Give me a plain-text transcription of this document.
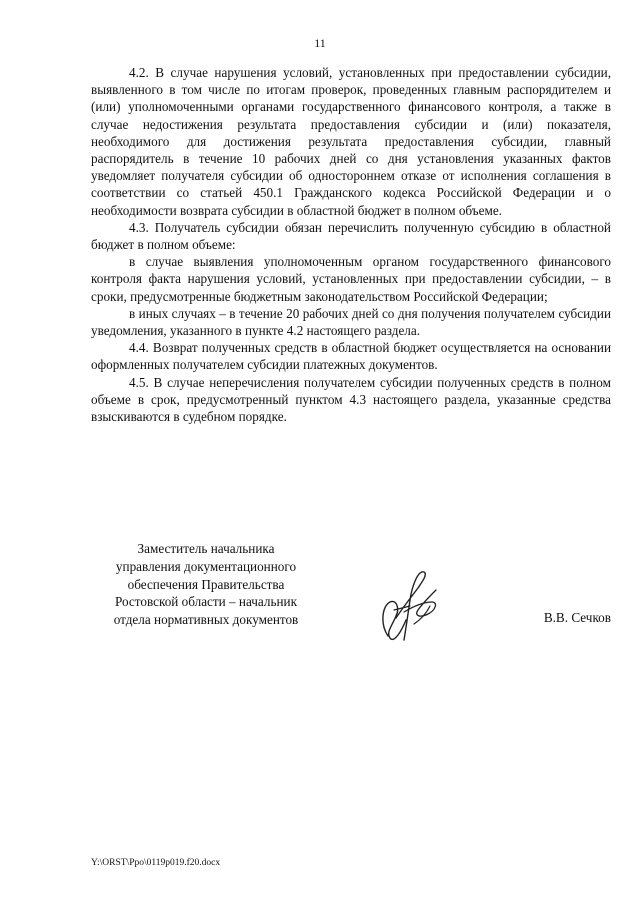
11

4.2. В случае нарушения условий, установленных при предоставлении субсидии, выявленного в том числе по итогам проверок, проведенных главным распорядителем и (или) уполномоченными органами государственного финансового контроля, а также в случае недостижения результата предоставления субсидии и (или) показателя, необходимого для достижения результата предоставления субсидии, главный распорядитель в течение 10 рабочих дней со дня установления указанных фактов уведомляет получателя субсидии об одностороннем отказе от исполнения соглашения в соответствии со статьей 450.1 Гражданского кодекса Российской Федерации и о необходимости возврата субсидии в областной бюджет в полном объеме.

4.3. Получатель субсидии обязан перечислить полученную субсидию в областной бюджет в полном объеме:

в случае выявления уполномоченным органом государственного финансового контроля факта нарушения условий, установленных при предоставлении субсидии, – в сроки, предусмотренные бюджетным законодательством Российской Федерации;

в иных случаях – в течение 20 рабочих дней со дня получения получателем субсидии уведомления, указанного в пункте 4.2 настоящего раздела.

4.4. Возврат полученных средств в областной бюджет осуществляется на основании оформленных получателем субсидии платежных документов.

4.5. В случае неперечисления получателем субсидии полученных средств в полном объеме в срок, предусмотренный пунктом 4.3 настоящего раздела, указанные средства взыскиваются в судебном порядке.

Заместитель начальника
управления документационного
обеспечения Правительства
Ростовской области – начальник
отдела нормативных документов	В.В. Сечков
Y:\ORST\Ppo\0119p019.f20.docx
